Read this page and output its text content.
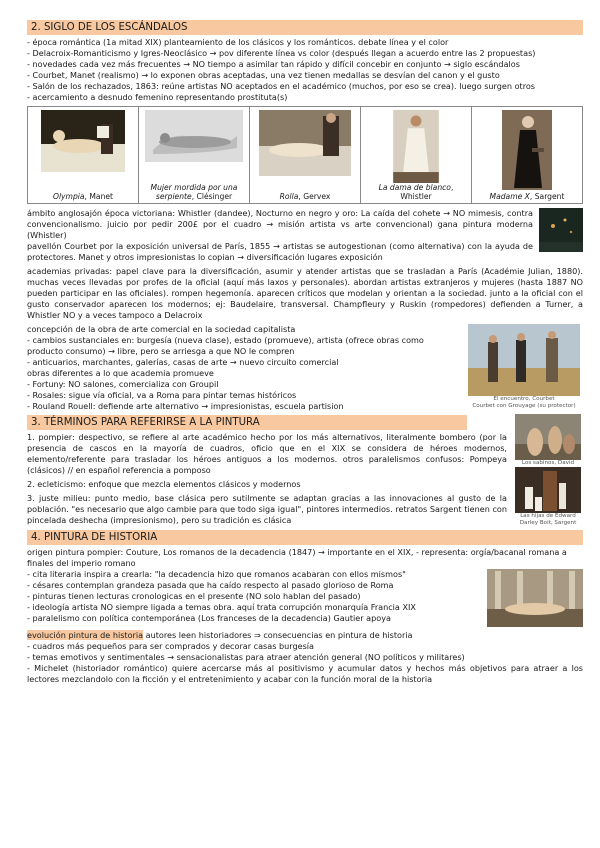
2. SIGLO DE LOS ESCÁNDALOS

- época romántica (1a mitad XIX) planteamiento de los clásicos y los románticos. debate línea y el color

- Delacroix-Romanticismo y Igres-Neoclásico → pov diferente línea vs color (después llegan a acuerdo entre las 2 propuestas)

- novedades cada vez más frecuentes → NO tiempo a asimilar tan rápido y difícil concebir en conjunto → siglo escándalos

- Courbet, Manet (realismo) → lo exponen obras aceptadas, una vez tienen medallas se desvían del canon y el gusto

- Salón de los rechazados, 1863: reúne artistas NO aceptados en el académico (muchos, por eso se crea). luego surgen otros

- acercamiento a desnudo femenino representando prostituta(s)

Olympia, Manet
Mujer mordida por una serpiente, Clésinger	Rolla, Gervex
La dama de blanco, Whistler	Madame X, Sargent

ámbito anglosajón época victoriana: Whistler (dandee), Nocturno en negro y oro: La caída del cohete → NO mimesis, contra convencionalismo. juicio por pedir 200£ por el cuadro → misión artista vs arte convencional) gana pintura moderna (Whistler)

pavellón Courbet por la exposición universal de París, 1855 → artistas se autogestionan (como alternativa) con la ayuda de protectores. Manet y otros impresionistas lo copian → diversificación lugares exposición

academias privadas: papel clave para la diversificación, asumir y atender artistas que se trasladan a París (Académie Julian, 1880). muchas veces llevadas por profes de la oficial (aquí más laxos y personales). abordan artistas extranjeros y mujeres (hasta 1887 NO pueden participar en las oficiales). rompen hegemonía. aparecen críticos que modelan y orientan a la sociedad. junto a la oficial con el gusto conservador aparecen los modernos; ej: Baudelaire, transversal. Champfleury y Ruskin (rompedores) defienden a Turner, a Whistler NO y a veces tampoco a Delacroix

concepción de la obra de arte comercial en la sociedad capitalista

- cambios sustanciales en: burgesía (nueva clase), estado (promueve), artista (ofrece obras como producto consumo) → libre, pero se arriesga a que NO le compren

- anticuarios, marchantes, galerías, casas de arte → nuevo circuito comercial

obras diferentes a lo que academia promueve

- Fortuny: NO salones, comercializa con Groupil

- Rosales: sigue vía oficial, va a Roma para pintar temas históricos

- Rouland Rouell: defiende arte alternativo → impresionistas, escuela partision

El encuentro, Courbet
Courbet con Grouyage (su protector)
3. TÉRMINOS PARA REFERIRSE A LA PINTURA

1. pompier: despectivo, se refiere al arte académico hecho por los más alternativos, literalmente bombero (por la presencia de cascos en la mayoría de cuadros, oficio que en el XIX se considera de héroes modernos, elemento/referente para trasladar los héroes antiguos a los modernos. otros paralelismos confusos: Pompeya (clásicos) // en español referencia a pomposo

2. ecleticismo: enfoque que mezcla elementos clásicos y modernos

3. juste milieu: punto medio, base clásica pero sutilmente se adaptan gracias a las innovaciones al gusto de la población. "es necesario que algo cambie para que todo siga igual", pintores intermedios. retratos Sargent tienen con pincelada deshecha (impresionismo), pero su tradición es clásica

Los sabinos, David
Las hijas de Edward Darley Boit, Sargent
4. PINTURA DE HISTORIA

origen pintura pompier: Couture, Los romanos de la decadencia (1847) → importante en el XIX, - representa: orgía/bacanal romana a finales del imperio romano

- cita literaria inspira a crearla: "la decadencia hizo que romanos acabaran con ellos mismos"

- césares contemplan grandeza pasada que ha caído respecto al pasado glorioso de Roma

- pinturas tienen lecturas cronologicas en el presente (NO solo hablan del pasado)

- ideología artista NO siempre ligada a temas obra. aquí trata corrupción monarquía Francia XIX

- paralelismo con política contemporánea (Los franceses de la decadencia) Gautier apoya

evolución pintura de historia autores leen historiadores ⇒ consecuencias en pintura de historia

- cuadros más pequeños para ser comprados y decorar casas burgesía

- temas emotivos y sentimentales → sensacionalistas para atraer atención general (NO políticos y militares)

- Michelet (historiador romántico) quiere acercarse más al positivismo y acumular datos y hechos más objetivos para atraer a los lectores mezclandolo con la ficción y el entretenimiento y acabar con la función moral de la historia
